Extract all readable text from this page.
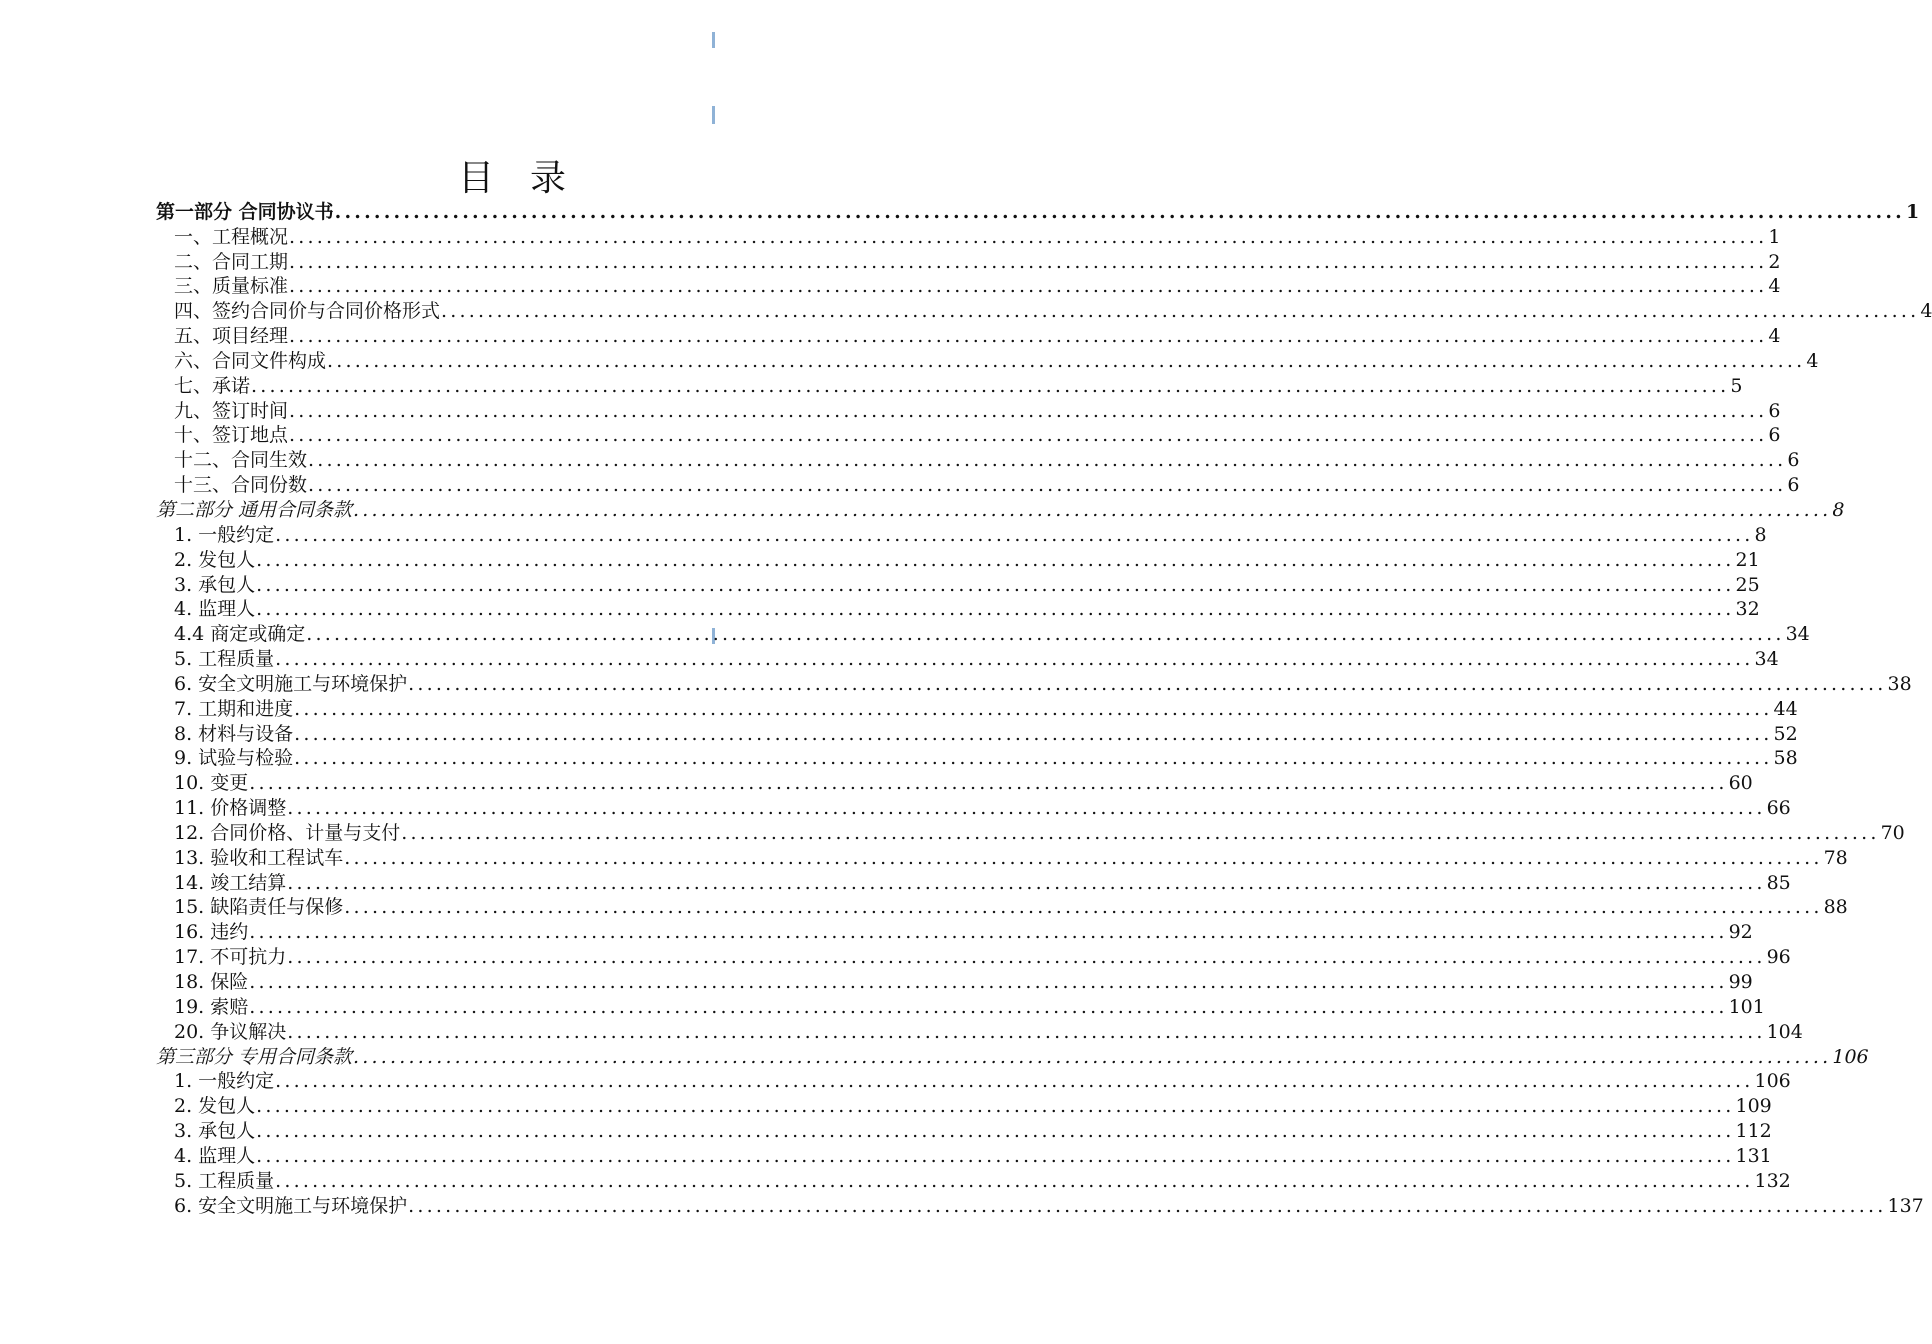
目　录
第一部分 合同协议书 ................................................................................................................................................................ 1
一、工程概况 ................................................................................................................................................................ 1
二、合同工期 ................................................................................................................................................................ 2
三、质量标准 ................................................................................................................................................................ 4
四、签约合同价与合同价格形式 ................................................................................................................................................................ 4
五、项目经理 ................................................................................................................................................................ 4
六、合同文件构成 ................................................................................................................................................................ 4
七、承诺 ................................................................................................................................................................ 5
九、签订时间 ................................................................................................................................................................ 6
十、签订地点 ................................................................................................................................................................ 6
十二、合同生效 ................................................................................................................................................................ 6
十三、合同份数 ................................................................................................................................................................ 6
第二部分 通用合同条款 ................................................................................................................................................................ 8
1. 一般约定 ................................................................................................................................................................ 8
2. 发包人 ................................................................................................................................................................ 21
3. 承包人 ................................................................................................................................................................ 25
4. 监理人 ................................................................................................................................................................ 32
4.4 商定或确定 ................................................................................................................................................................ 34
5. 工程质量 ................................................................................................................................................................ 34
6. 安全文明施工与环境保护 ................................................................................................................................................................ 38
7. 工期和进度 ................................................................................................................................................................ 44
8. 材料与设备 ................................................................................................................................................................ 52
9. 试验与检验 ................................................................................................................................................................ 58
10. 变更 ................................................................................................................................................................ 60
11. 价格调整 ................................................................................................................................................................ 66
12. 合同价格、计量与支付 ................................................................................................................................................................ 70
13. 验收和工程试车 ................................................................................................................................................................ 78
14. 竣工结算 ................................................................................................................................................................ 85
15. 缺陷责任与保修 ................................................................................................................................................................ 88
16. 违约 ................................................................................................................................................................ 92
17. 不可抗力 ................................................................................................................................................................ 96
18. 保险 ................................................................................................................................................................ 99
19. 索赔 ................................................................................................................................................................ 101
20. 争议解决 ................................................................................................................................................................ 104
第三部分 专用合同条款 ................................................................................................................................................................ 106
1. 一般约定 ................................................................................................................................................................ 106
2. 发包人 ................................................................................................................................................................ 109
3. 承包人 ................................................................................................................................................................ 112
4. 监理人 ................................................................................................................................................................ 131
5. 工程质量 ................................................................................................................................................................ 132
6. 安全文明施工与环境保护 ................................................................................................................................................................ 137
